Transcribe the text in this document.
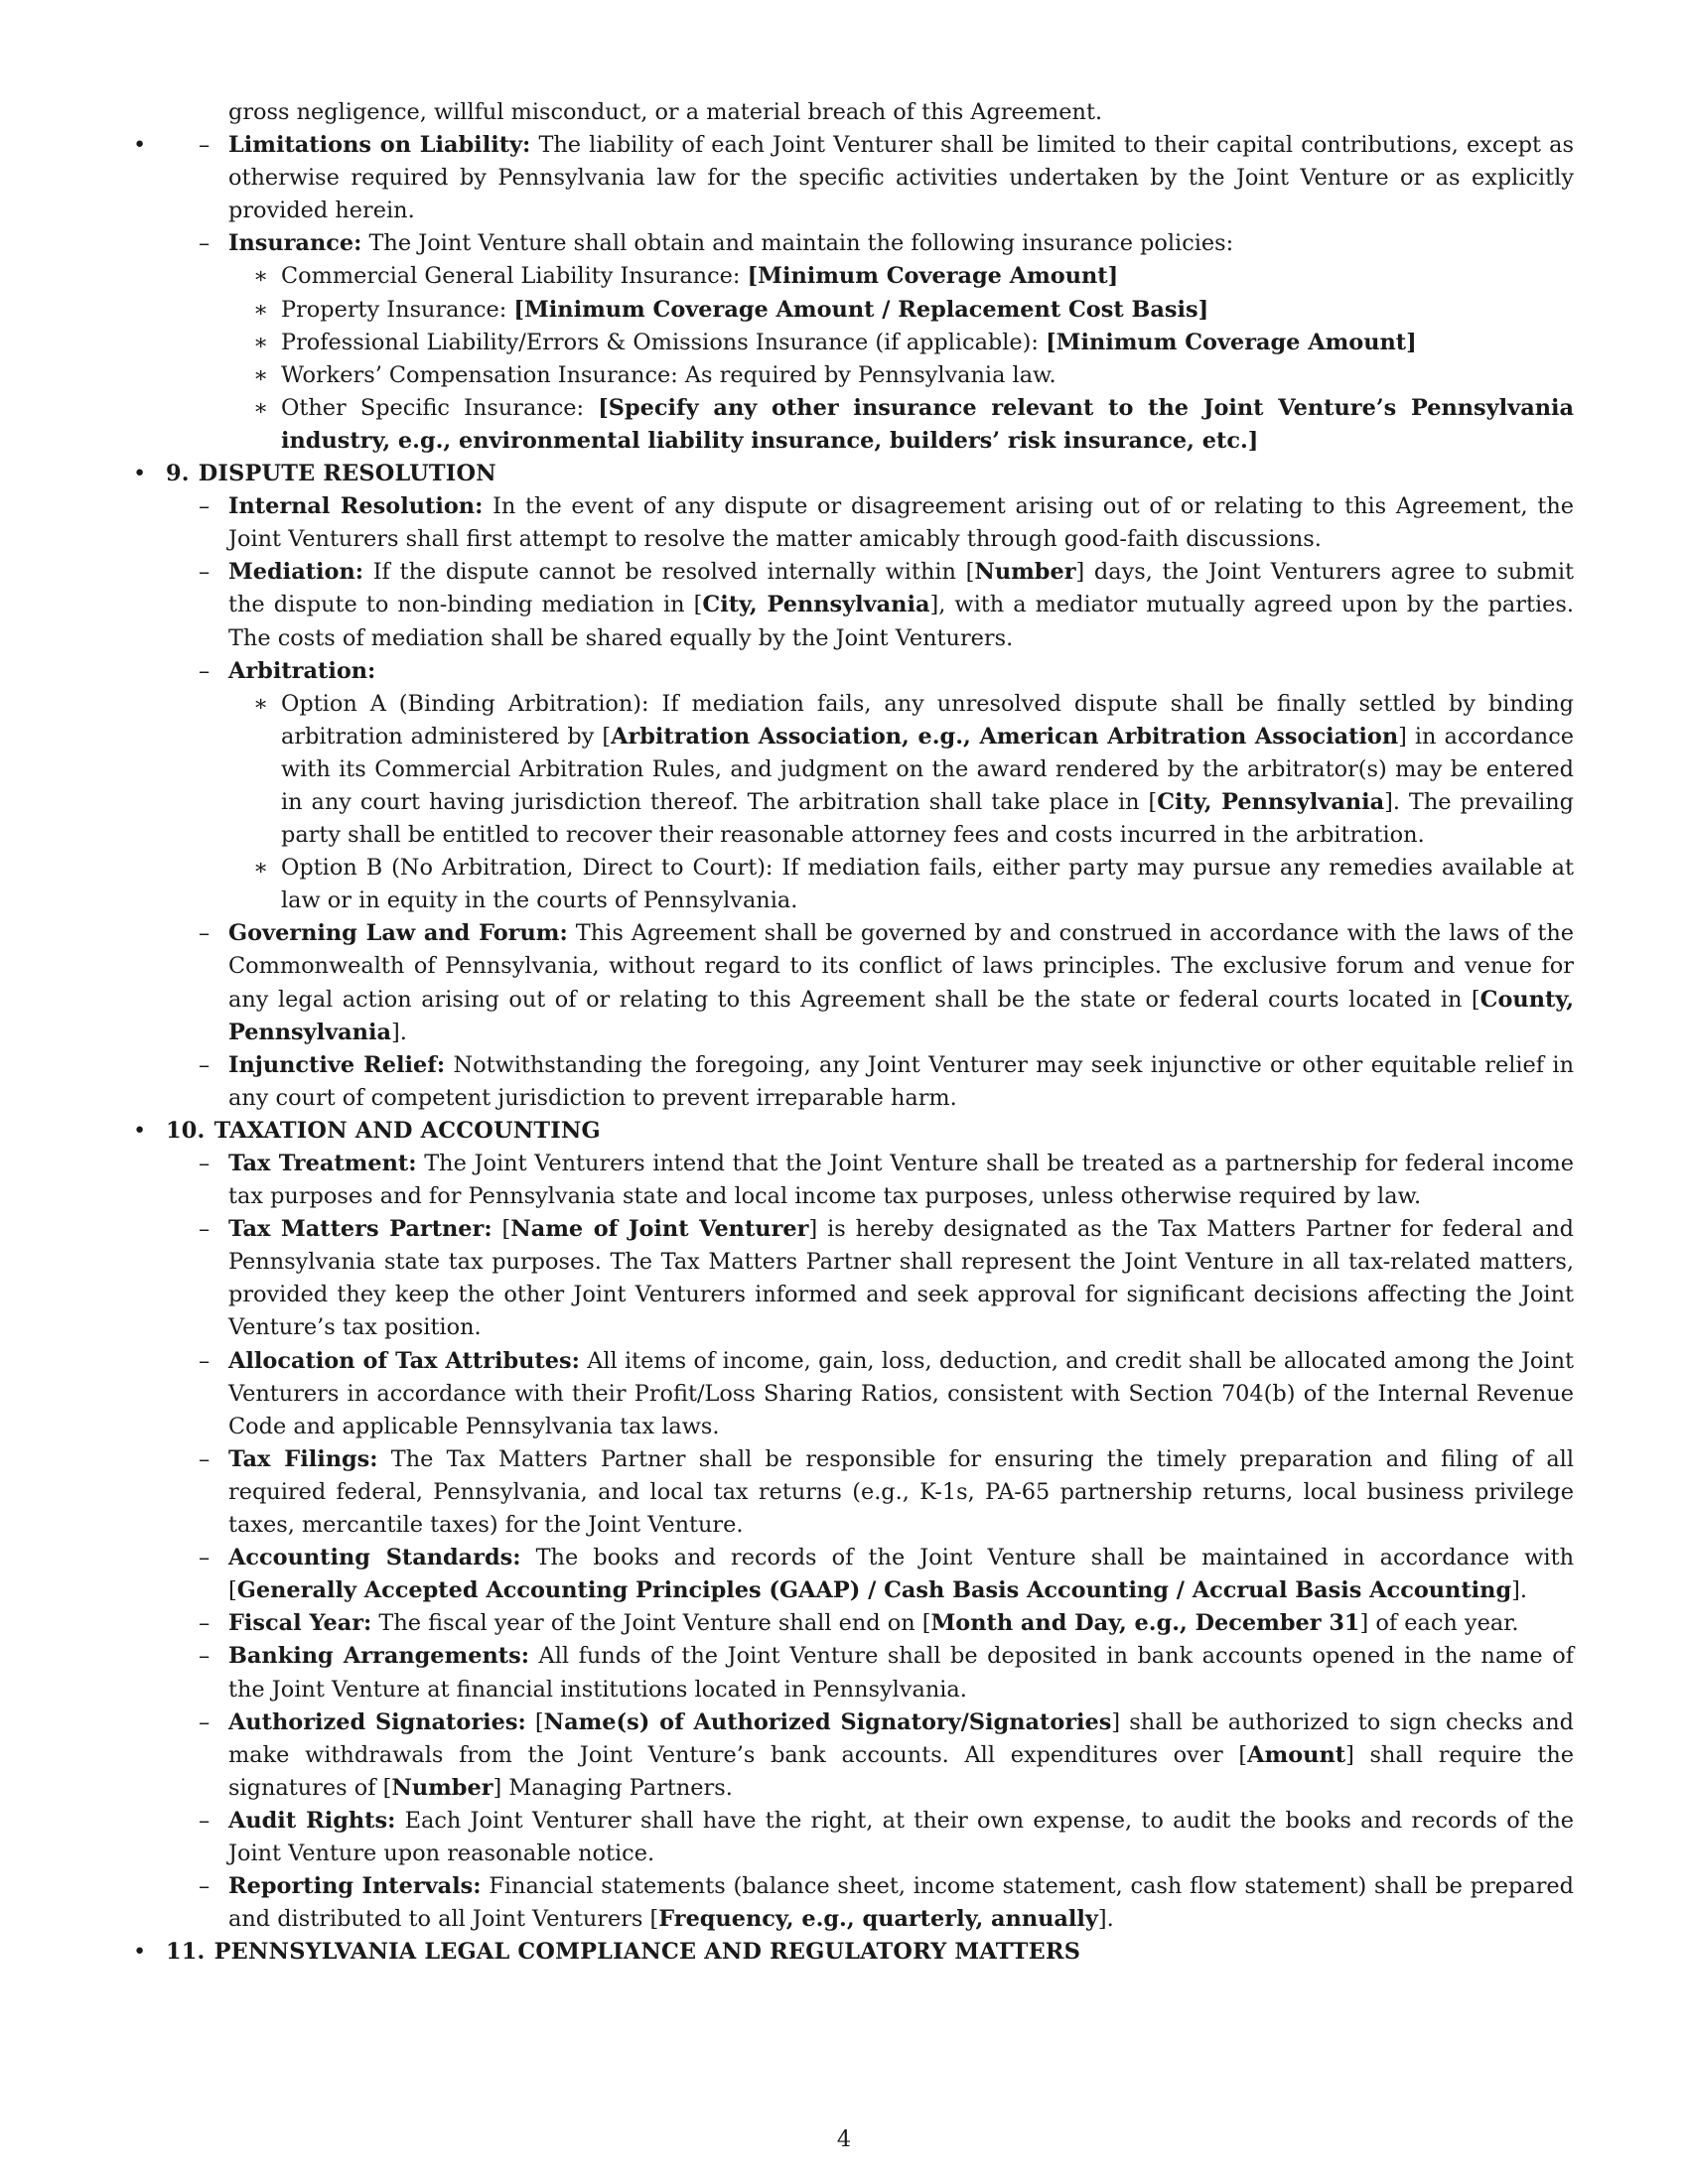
gross negligence, willful misconduct, or a material breach of this Agreement.
– • Limitations on Liability: The liability of each Joint Venturer shall be limited to their capital contributions, except as otherwise required by Pennsylvania law for the specific activities undertaken by the Joint Venture or as explicitly provided herein.
– Insurance: The Joint Venture shall obtain and maintain the following insurance policies:
∗ Commercial General Liability Insurance: [Minimum Coverage Amount]
∗ Property Insurance: [Minimum Coverage Amount / Replacement Cost Basis]
∗ Professional Liability/Errors & Omissions Insurance (if applicable): [Minimum Coverage Amount]
∗ Workers’ Compensation Insurance: As required by Pennsylvania law.
∗ Other Specific Insurance: [Specify any other insurance relevant to the Joint Venture’s Pennsylvania industry, e.g., environmental liability insurance, builders’ risk insurance, etc.]
• 9. DISPUTE RESOLUTION
– Internal Resolution: In the event of any dispute or disagreement arising out of or relating to this Agreement, the Joint Venturers shall first attempt to resolve the matter amicably through good-faith discussions.
– Mediation: If the dispute cannot be resolved internally within [Number] days, the Joint Venturers agree to submit the dispute to non-binding mediation in [City, Pennsylvania], with a mediator mutually agreed upon by the parties. The costs of mediation shall be shared equally by the Joint Venturers.
– Arbitration:
∗ Option A (Binding Arbitration): If mediation fails, any unresolved dispute shall be finally settled by binding arbitration administered by [Arbitration Association, e.g., American Arbitration Association] in accordance with its Commercial Arbitration Rules, and judgment on the award rendered by the arbitrator(s) may be entered in any court having jurisdiction thereof. The arbitration shall take place in [City, Pennsylvania]. The prevailing party shall be entitled to recover their reasonable attorney fees and costs incurred in the arbitration.
∗ Option B (No Arbitration, Direct to Court): If mediation fails, either party may pursue any remedies available at law or in equity in the courts of Pennsylvania.
– Governing Law and Forum: This Agreement shall be governed by and construed in accordance with the laws of the Commonwealth of Pennsylvania, without regard to its conflict of laws principles. The exclusive forum and venue for any legal action arising out of or relating to this Agreement shall be the state or federal courts located in [County, Pennsylvania].
– Injunctive Relief: Notwithstanding the foregoing, any Joint Venturer may seek injunctive or other equitable relief in any court of competent jurisdiction to prevent irreparable harm.
• 10. TAXATION AND ACCOUNTING
– Tax Treatment: The Joint Venturers intend that the Joint Venture shall be treated as a partnership for federal income tax purposes and for Pennsylvania state and local income tax purposes, unless otherwise required by law.
– Tax Matters Partner: [Name of Joint Venturer] is hereby designated as the Tax Matters Partner for federal and Pennsylvania state tax purposes. The Tax Matters Partner shall represent the Joint Venture in all tax-related matters, provided they keep the other Joint Venturers informed and seek approval for significant decisions affecting the Joint Venture’s tax position.
– Allocation of Tax Attributes: All items of income, gain, loss, deduction, and credit shall be allocated among the Joint Venturers in accordance with their Profit/Loss Sharing Ratios, consistent with Section 704(b) of the Internal Revenue Code and applicable Pennsylvania tax laws.
– Tax Filings: The Tax Matters Partner shall be responsible for ensuring the timely preparation and filing of all required federal, Pennsylvania, and local tax returns (e.g., K-1s, PA-65 partnership returns, local business privilege taxes, mercantile taxes) for the Joint Venture.
– Accounting Standards: The books and records of the Joint Venture shall be maintained in accordance with [Generally Accepted Accounting Principles (GAAP) / Cash Basis Accounting / Accrual Basis Accounting].
– Fiscal Year: The fiscal year of the Joint Venture shall end on [Month and Day, e.g., December 31] of each year.
– Banking Arrangements: All funds of the Joint Venture shall be deposited in bank accounts opened in the name of the Joint Venture at financial institutions located in Pennsylvania.
– Authorized Signatories: [Name(s) of Authorized Signatory/Signatories] shall be authorized to sign checks and make withdrawals from the Joint Venture’s bank accounts. All expenditures over [Amount] shall require the signatures of [Number] Managing Partners.
– Audit Rights: Each Joint Venturer shall have the right, at their own expense, to audit the books and records of the Joint Venture upon reasonable notice.
– Reporting Intervals: Financial statements (balance sheet, income statement, cash flow statement) shall be prepared and distributed to all Joint Venturers [Frequency, e.g., quarterly, annually].
• 11. PENNSYLVANIA LEGAL COMPLIANCE AND REGULATORY MATTERS
4
